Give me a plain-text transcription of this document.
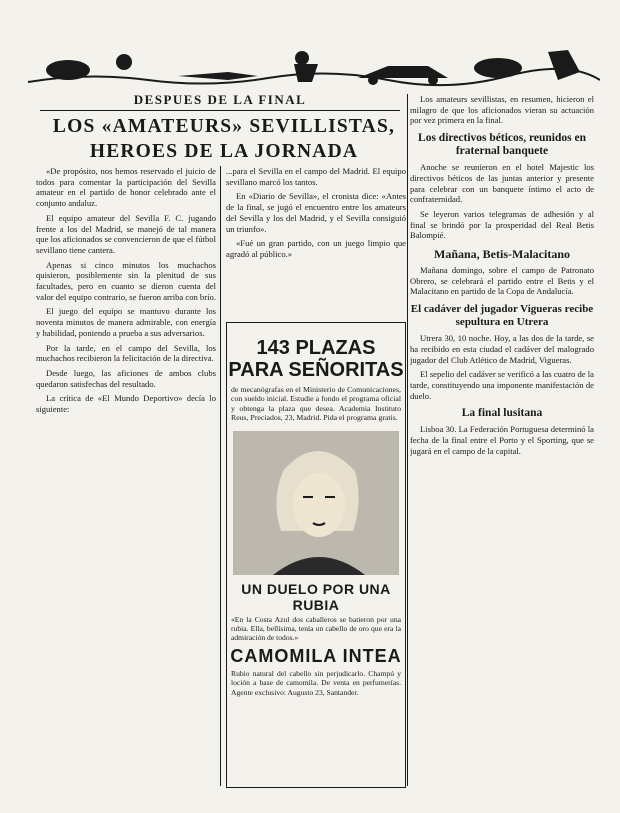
DESPUES DE LA FINAL
LOS «AMATEURS» SEVILLISTAS,
HEROES DE LA JORNADA

«De propósito, nos hemos reservado el juicio de todos para comentar la participación del Sevilla amateur en el partido de honor celebrado ante el conjunto andaluz.

El equipo amateur del Sevilla F. C. jugando frente a los del Madrid, se manejó de tal manera que los aficionados se convencieron de que el fútbol sevillano tiene cantera.

Apenas si cinco minutos los muchachos quisieron, posiblemente sin la plenitud de sus facultades, pero en cuanto se dieron cuenta del valor del equipo contrario, se fueron arriba con brío.

El juego del equipo se mantuvo durante los noventa minutos de manera admirable, con energía y habilidad, poniendo a prueba a sus adversarios.

Por la tarde, en el campo del Sevilla, los muchachos recibieron la felicitación de la directiva.

Desde luego, las aficiones de ambos clubs quedaron satisfechas del resultado.

La crítica de «El Mundo Deportivo» decía lo siguiente:

...para el Sevilla en el campo del Madrid. El equipo sevillano marcó los tantos.

En «Diario de Sevilla», el cronista dice: «Antes de la final, se jugó el encuentro entre los amateurs del Sevilla y los del Madrid, y el Sevilla consiguió un triunfo».

«Fué un gran partido, con un juego limpio que agradó al público.»

143 PLAZAS
PARA SEÑORITAS
de mecanógrafas en el Ministerio de Comunicaciones, con sueldo inicial. Estudie a fondo el programa oficial y obtenga la plaza que desea. Academia Instituto Reus, Preciados, 23, Madrid. Pida el programa gratis.
UN DUELO POR UNA RUBIA
«En la Costa Azul dos caballeros se batieron por una rubia. Ella, bellísima, tenía un cabello de oro que era la admiración de todos.»
CAMOMILA INTEA
Rubio natural del cabello sin perjudicarlo. Champú y loción a base de camomila. De venta en perfumerías. Agente exclusivo: Augusto 23, Santander.

Los amateurs sevillistas, en resumen, hicieron el milagro de que los aficionados vieran su actuación por vez primera en la final.

Los directivos béticos, reunidos en fraternal banquete

Anoche se reunieron en el hotel Majestic los directivos béticos de las juntas anterior y presente para celebrar con un banquete íntimo el acto de confraternidad.

Se leyeron varios telegramas de adhesión y al final se brindó por la prosperidad del Real Betis Balompié.

Mañana, Betis-Malacitano

Mañana domingo, sobre el campo de Patronato Obrero, se celebrará el partido entre el Betis y el Malacitano en partido de la Copa de Andalucía.

El cadáver del jugador Vigueras recibe sepultura en Utrera

Utrera 30, 10 noche. Hoy, a las dos de la tarde, se ha recibido en esta ciudad el cadáver del malogrado jugador del Club Atlético de Madrid, Vigueras.

El sepelio del cadáver se verificó a las cuatro de la tarde, constituyendo una imponente manifestación de duelo.

La final lusitana

Lisboa 30. La Federación Portuguesa determinó la fecha de la final entre el Porto y el Sporting, que se jugará en el campo de la capital.
